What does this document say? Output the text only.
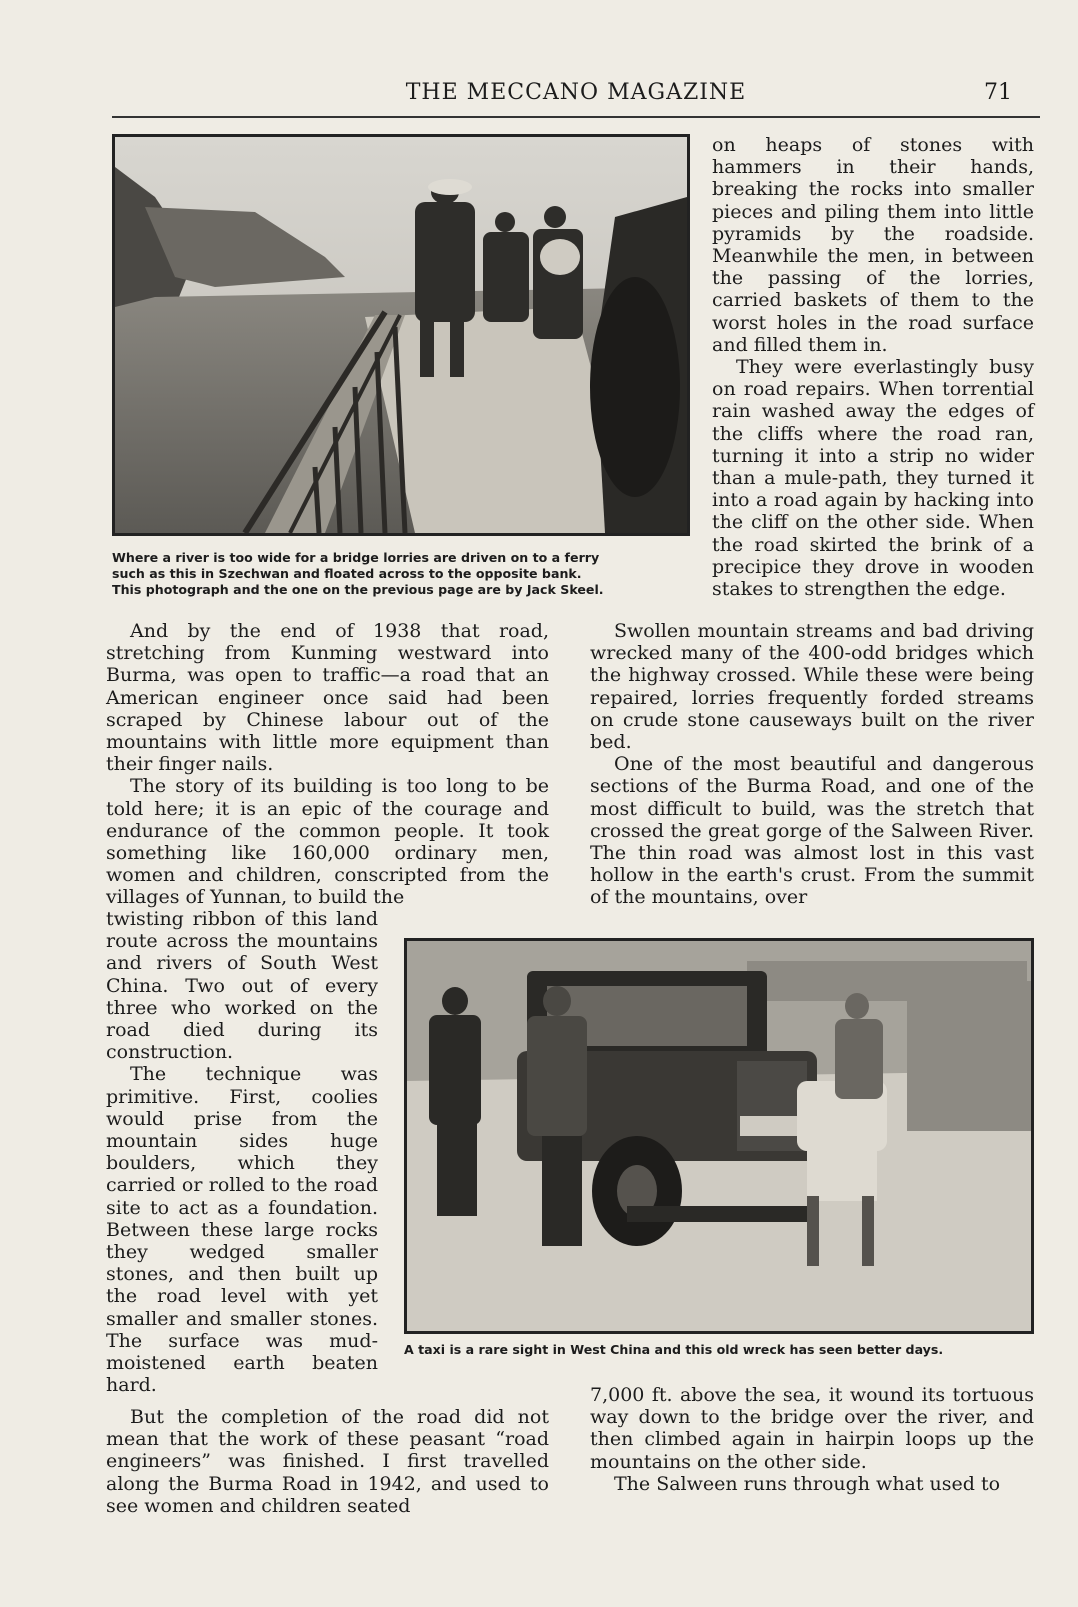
THE MECCANO MAGAZINE	71
Where a river is too wide for a bridge lorries are driven on to a ferry
such as this in Szechwan and floated across to the opposite bank.
This photograph and the one on the previous page are by Jack Skeel.

on heaps of stones with hammers in their hands, breaking the rocks into smaller pieces and piling them into little pyramids by the roadside. Meanwhile the men, in between the passing of the lorries, carried baskets of them to the worst holes in the road surface and filled them in.

They were everlastingly busy on road repairs. When torrential rain washed away the edges of the cliffs where the road ran, turning it into a strip no wider than a mule-path, they turned it into a road again by hacking into the cliff on the other side. When the road skirted the brink of a precipice they drove in wooden stakes to strengthen the edge.

And by the end of 1938 that road, stretching from Kunming westward into Burma, was open to traffic—a road that an American engineer once said had been scraped by Chinese labour out of the mountains with little more equipment than their finger nails.

The story of its building is too long to be told here; it is an epic of the courage and endurance of the common people. It took something like 160,000 ordinary men, women and children, conscripted from the villages of Yunnan, to build the

Swollen mountain streams and bad driving wrecked many of the 400-odd bridges which the highway crossed. While these were being repaired, lorries frequently forded streams on crude stone causeways built on the river bed.

One of the most beautiful and dangerous sections of the Burma Road, and one of the most difficult to build, was the stretch that crossed the great gorge of the Salween River. The thin road was almost lost in this vast hollow in the earth's crust. From the summit of the mountains, over

twisting ribbon of this land route across the mountains and rivers of South West China. Two out of every three who worked on the road died during its construction.

The technique was primitive. First, coolies would prise from the mountain sides huge boulders, which they carried or rolled to the road site to act as a foundation. Between these large rocks they wedged smaller stones, and then built up the road level with yet smaller and smaller stones. The surface was mud-moistened earth beaten hard.

A taxi is a rare sight in West China and this old wreck has seen better days.

But the completion of the road did not mean that the work of these peasant “road engineers” was finished. I first travelled along the Burma Road in 1942, and used to see women and children seated

7,000 ft. above the sea, it wound its tortuous way down to the bridge over the river, and then climbed again in hairpin loops up the mountains on the other side.

The Salween runs through what used to
